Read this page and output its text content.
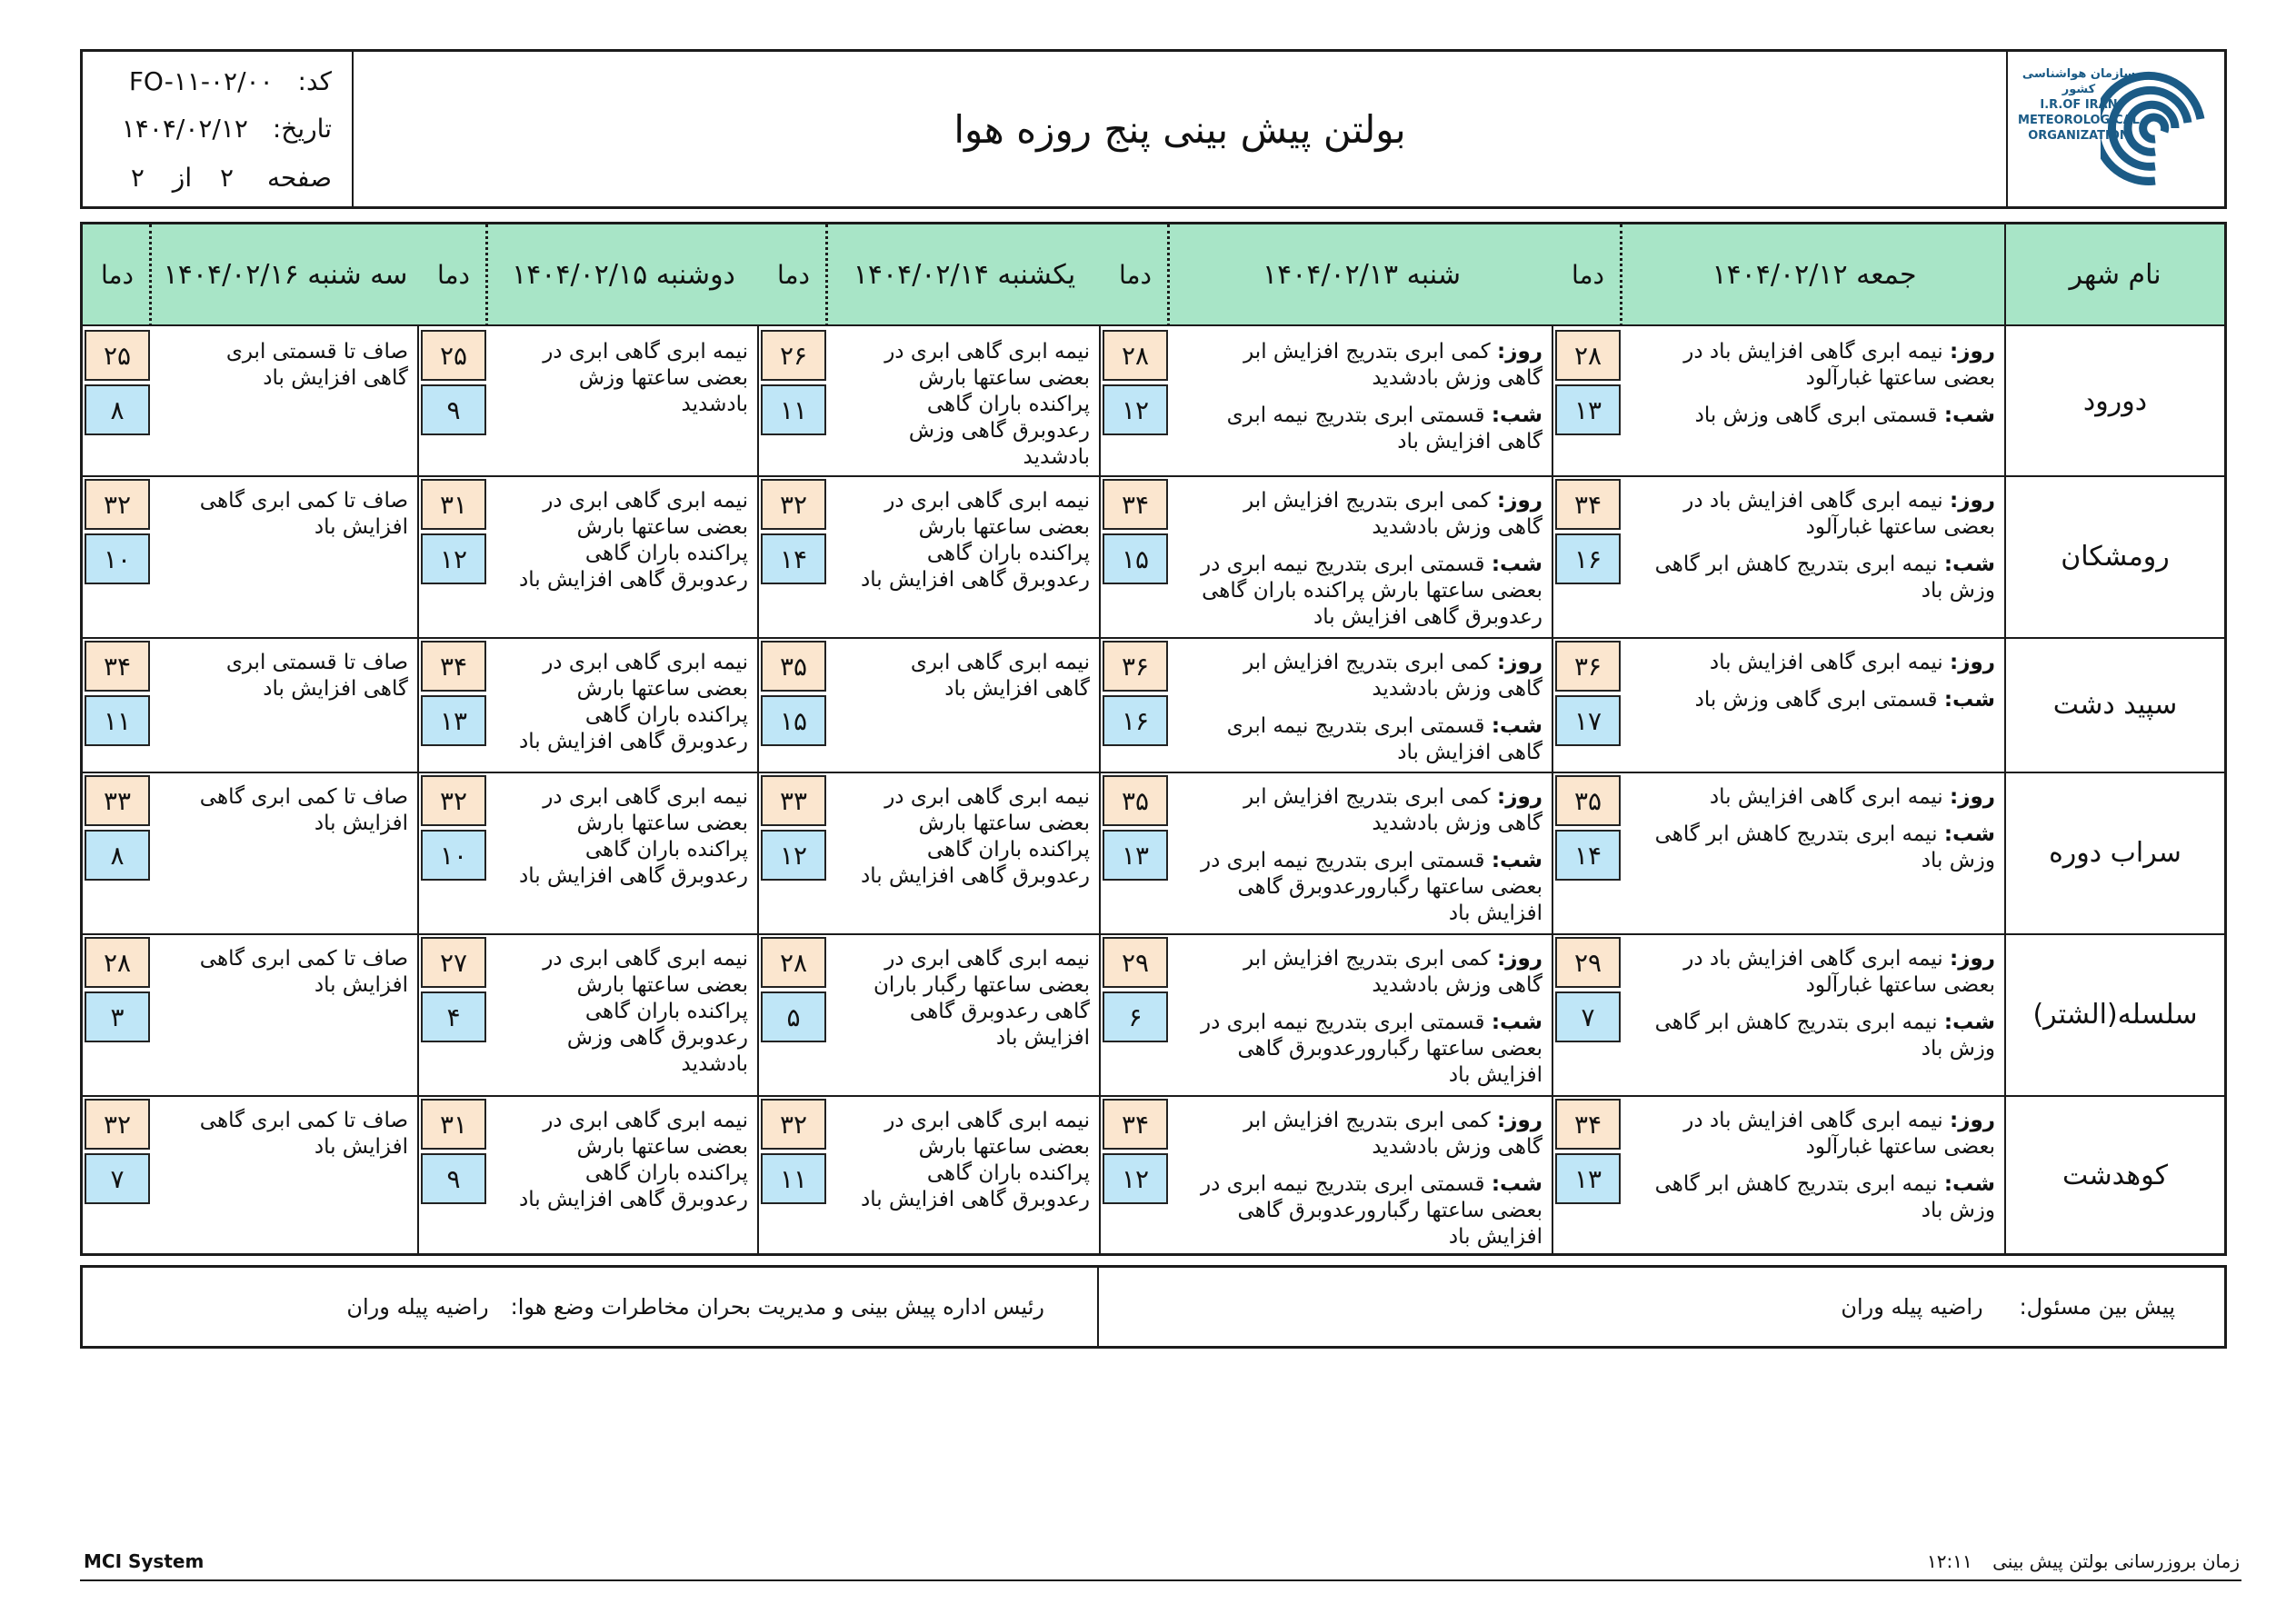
سازمان هواشناسی کشور
I.R.OF IRAN
METEOROLOGICAL
ORGANIZATION
بولتن پیش بینی پنج روزه هوا
کد: FO-۱۱-۰۲/۰۰
تاریخ: ۱۴۰۴/۰۲/۱۲
صفحه ۲ از ۲
نام شهر
جمعه ۱۴۰۴/۰۲/۱۲
دما
شنبه ۱۴۰۴/۰۲/۱۳
دما
یکشنبه ۱۴۰۴/۰۲/۱۴
دما
دوشنبه ۱۴۰۴/۰۲/۱۵
دما
سه شنبه ۱۴۰۴/۰۲/۱۶
دما
دورود
روز: نیمه ابری گاهی افزایش باد در
بعضی ساعتها غبارآلود
شب: قسمتی ابری گاهی وزش باد
۲۸
۱۳
روز: کمی ابری بتدریج افزایش ابر
گاهی وزش بادشدید
شب: قسمتی ابری بتدریج نیمه ابری
گاهی افزایش باد
۲۸
۱۲
نیمه ابری گاهی ابری در
بعضی ساعتها بارش
پراکنده باران گاهی
رعدوبرق گاهی وزش
بادشدید
۲۶
۱۱
نیمه ابری گاهی ابری در
بعضی ساعتها وزش
بادشدید
۲۵
۹
صاف تا قسمتی ابری
گاهی افزایش باد
۲۵
۸
رومشکان
روز: نیمه ابری گاهی افزایش باد در
بعضی ساعتها غبارآلود
شب: نیمه ابری بتدریج کاهش ابر گاهی
وزش باد
۳۴
۱۶
روز: کمی ابری بتدریج افزایش ابر
گاهی وزش بادشدید
شب: قسمتی ابری بتدریج نیمه ابری در
بعضی ساعتها بارش پراکنده باران گاهی
رعدوبرق گاهی افزایش باد
۳۴
۱۵
نیمه ابری گاهی ابری در
بعضی ساعتها بارش
پراکنده باران گاهی
رعدوبرق گاهی افزایش باد
۳۲
۱۴
نیمه ابری گاهی ابری در
بعضی ساعتها بارش
پراکنده باران گاهی
رعدوبرق گاهی افزایش باد
۳۱
۱۲
صاف تا کمی ابری گاهی
افزایش باد
۳۲
۱۰
سپید دشت
روز: نیمه ابری گاهی افزایش باد
شب: قسمتی ابری گاهی وزش باد
۳۶
۱۷
روز: کمی ابری بتدریج افزایش ابر
گاهی وزش بادشدید
شب: قسمتی ابری بتدریج نیمه ابری
گاهی افزایش باد
۳۶
۱۶
نیمه ابری گاهی ابری
گاهی افزایش باد
۳۵
۱۵
نیمه ابری گاهی ابری در
بعضی ساعتها بارش
پراکنده باران گاهی
رعدوبرق گاهی افزایش باد
۳۴
۱۳
صاف تا قسمتی ابری
گاهی افزایش باد
۳۴
۱۱
سراب دوره
روز: نیمه ابری گاهی افزایش باد
شب: نیمه ابری بتدریج کاهش ابر گاهی
وزش باد
۳۵
۱۴
روز: کمی ابری بتدریج افزایش ابر
گاهی وزش بادشدید
شب: قسمتی ابری بتدریج نیمه ابری در
بعضی ساعتها رگبارورعدوبرق گاهی
افزایش باد
۳۵
۱۳
نیمه ابری گاهی ابری در
بعضی ساعتها بارش
پراکنده باران گاهی
رعدوبرق گاهی افزایش باد
۳۳
۱۲
نیمه ابری گاهی ابری در
بعضی ساعتها بارش
پراکنده باران گاهی
رعدوبرق گاهی افزایش باد
۳۲
۱۰
صاف تا کمی ابری گاهی
افزایش باد
۳۳
۸
سلسله(الشتر)
روز: نیمه ابری گاهی افزایش باد در
بعضی ساعتها غبارآلود
شب: نیمه ابری بتدریج کاهش ابر گاهی
وزش باد
۲۹
۷
روز: کمی ابری بتدریج افزایش ابر
گاهی وزش بادشدید
شب: قسمتی ابری بتدریج نیمه ابری در
بعضی ساعتها رگبارورعدوبرق گاهی
افزایش باد
۲۹
۶
نیمه ابری گاهی ابری در
بعضی ساعتها رگبار باران
گاهی رعدوبرق گاهی
افزایش باد
۲۸
۵
نیمه ابری گاهی ابری در
بعضی ساعتها بارش
پراکنده باران گاهی
رعدوبرق گاهی وزش
بادشدید
۲۷
۴
صاف تا کمی ابری گاهی
افزایش باد
۲۸
۳
کوهدشت
روز: نیمه ابری گاهی افزایش باد در
بعضی ساعتها غبارآلود
شب: نیمه ابری بتدریج کاهش ابر گاهی
وزش باد
۳۴
۱۳
روز: کمی ابری بتدریج افزایش ابر
گاهی وزش بادشدید
شب: قسمتی ابری بتدریج نیمه ابری در
بعضی ساعتها رگبارورعدوبرق گاهی
افزایش باد
۳۴
۱۲
نیمه ابری گاهی ابری در
بعضی ساعتها بارش
پراکنده باران گاهی
رعدوبرق گاهی افزایش باد
۳۲
۱۱
نیمه ابری گاهی ابری در
بعضی ساعتها بارش
پراکنده باران گاهی
رعدوبرق گاهی افزایش باد
۳۱
۹
صاف تا کمی ابری گاهی
افزایش باد
۳۲
۷
پیش بین مسئول:
راضیه پیله وران
رئیس اداره پیش بینی و مدیریت بحران مخاطرات وضع هوا:
راضیه پیله وران
MCI System	زمان بروزرسانی بولتن پیش بینی ۱۲:۱۱
